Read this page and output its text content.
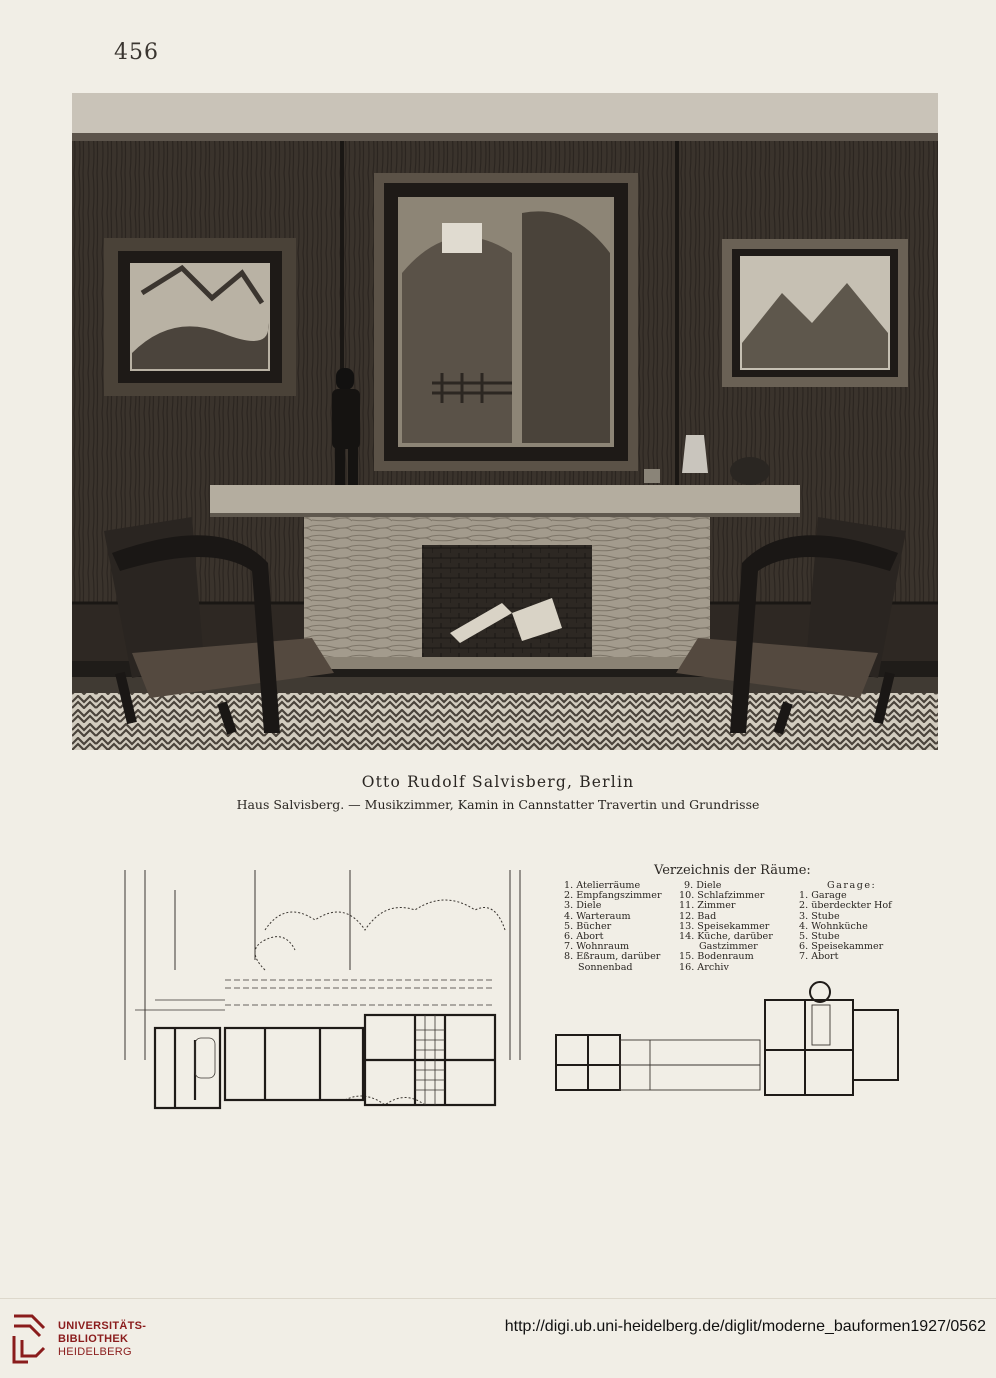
456
Otto Rudolf Salvisberg, Berlin
Haus Salvisberg. — Musikzimmer, Kamin in Cannstatter Travertin und Grundrisse
Verzeichnis der Räume:
1. Atelierräume
2. Empfangszimmer
3. Diele
4. Warteraum
5. Bücher
6. Abort
7. Wohnraum
8. Eßraum, darüber
Sonnenbad
9. Diele
10. Schlafzimmer
11. Zimmer
12. Bad
13. Speisekammer
14. Küche, darüber
Gastzimmer
15. Bodenraum
16. Archiv
Garage:
1. Garage
2. überdeckter Hof
3. Stube
4. Wohnküche
5. Stube
6. Speisekammer
7. Abort
UNIVERSITÄTS-
BIBLIOTHEK
HEIDELBERG
http://digi.ub.uni-heidelberg.de/diglit/moderne_bauformen1927/0562
